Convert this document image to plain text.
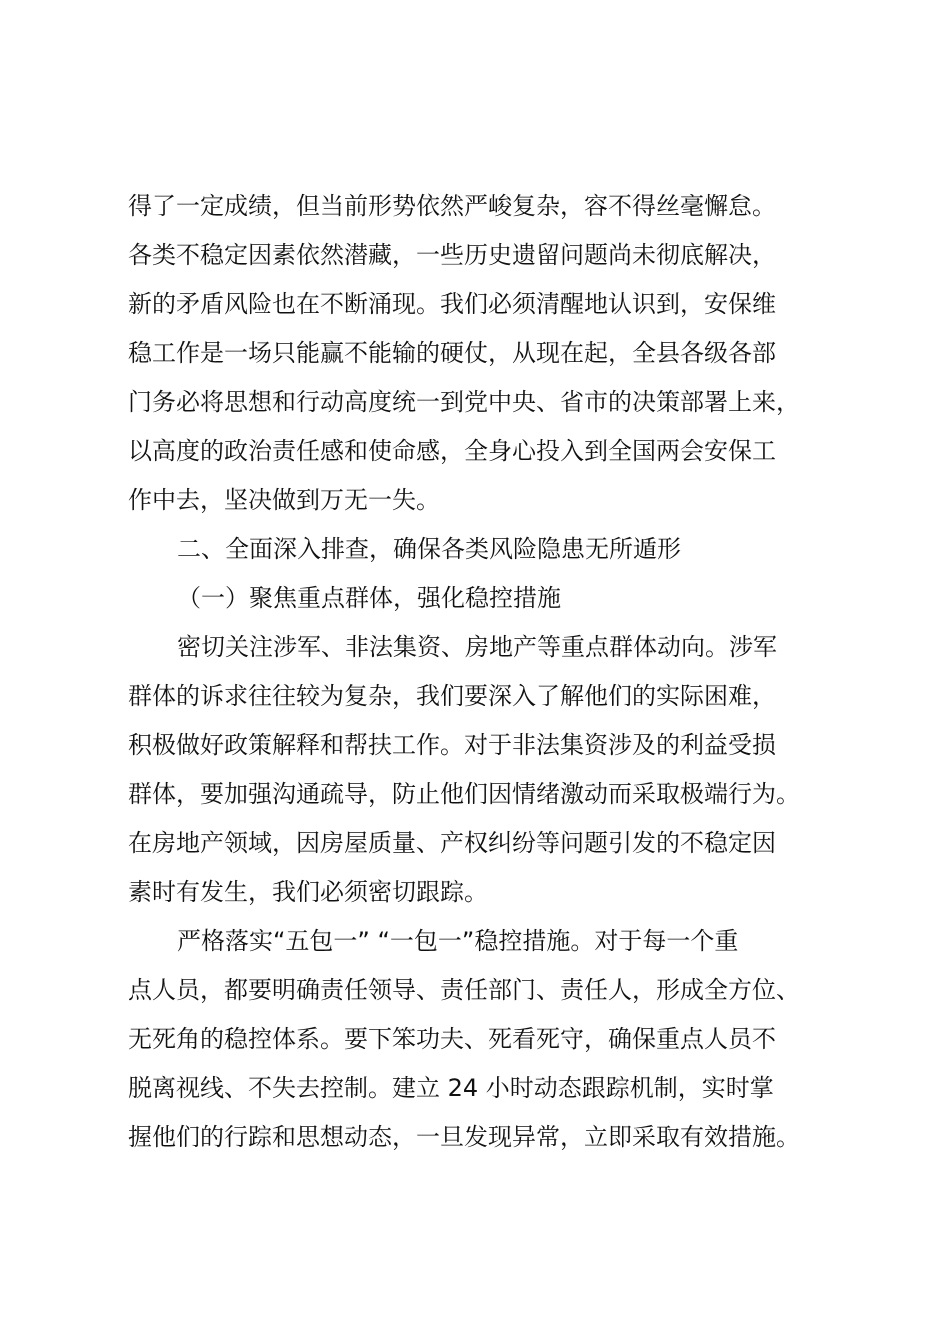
得了一定成绩，但当前形势依然严峻复杂，容不得丝毫懈怠。
各类不稳定因素依然潜藏，一些历史遗留问题尚未彻底解决，
新的矛盾风险也在不断涌现。我们必须清醒地认识到，安保维
稳工作是一场只能赢不能输的硬仗，从现在起，全县各级各部
门务必将思想和行动高度统一到党中央、省市的决策部署上来，
以高度的政治责任感和使命感，全身心投入到全国两会安保工
作中去，坚决做到万无一失。
二、全面深入排查，确保各类风险隐患无所遁形
（一）聚焦重点群体，强化稳控措施
密切关注涉军、非法集资、房地产等重点群体动向。涉军
群体的诉求往往较为复杂，我们要深入了解他们的实际困难，
积极做好政策解释和帮扶工作。对于非法集资涉及的利益受损
群体，要加强沟通疏导，防止他们因情绪激动而采取极端行为。
在房地产领域，因房屋质量、产权纠纷等问题引发的不稳定因
素时有发生，我们必须密切跟踪。
严格落实“五包一” “一包一”稳控措施。对于每一个重
点人员，都要明确责任领导、责任部门、责任人，形成全方位、
无死角的稳控体系。要下笨功夫、死看死守，确保重点人员不
脱离视线、不失去控制。建立 24 小时动态跟踪机制，实时掌
握他们的行踪和思想动态，一旦发现异常，立即采取有效措施。
